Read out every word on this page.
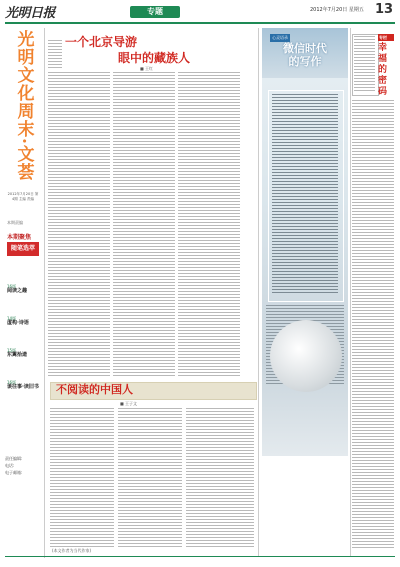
光明日报	专题	2012年7月20日 星期五 13
光明文化周末·文荟
2012年7月20日 第4期 主编 责编
本期责编
本期聚焦
随笔选萃
16版
阅读之趣
14版
虚构·诗语
15版
东篱拾遗
16版
谈往事·读旧书
责任编辑:
电话:
电子邮箱:
一个北京导游
眼中的藏族人
■ 王红
心灵语录
微信时代
的写作
专栏
幸福的密码
不阅读的中国人
■ 王子文
(本文作者为当代作家)
